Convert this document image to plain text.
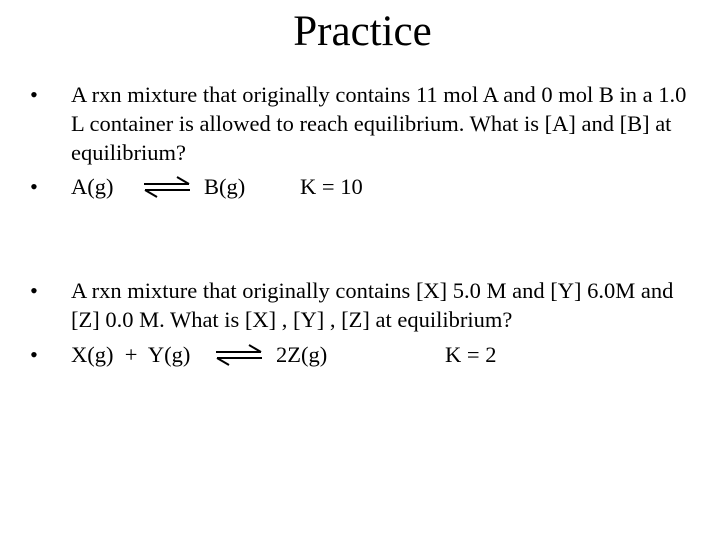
Practice
• A rxn mixture that originally contains 11 mol A and 0 mol B in a 1.0 L container is allowed to reach equilibrium. What is [A] and [B] at equilibrium?
• A(g) ⇌ B(g) K = 10
• A rxn mixture that originally contains [X] 5.0 M and [Y] 6.0M and [Z] 0.0 M. What is [X] , [Y] , [Z] at equilibrium?
• X(g)  +  Y(g) ⇌ 2Z(g)	K = 2
